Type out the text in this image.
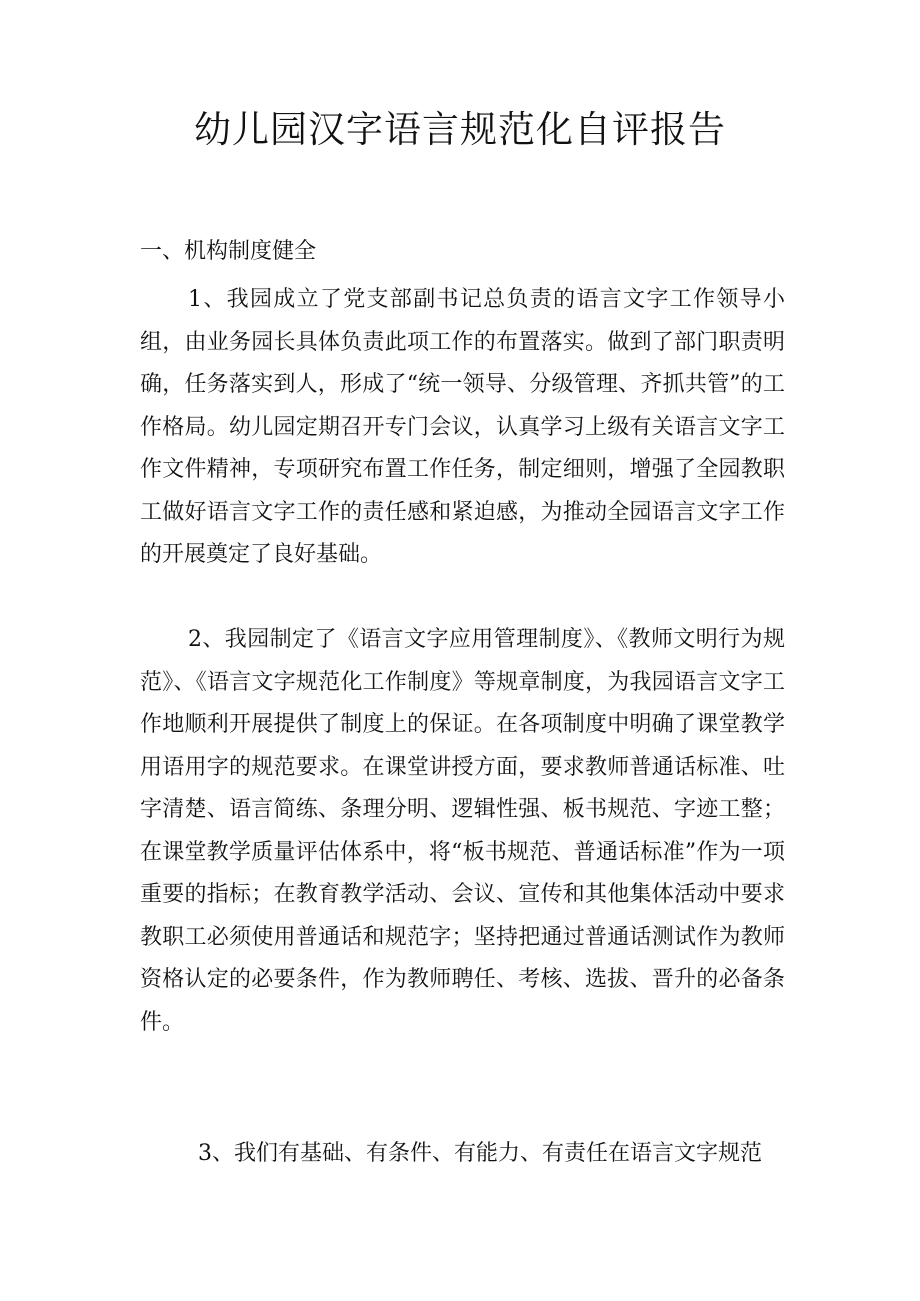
幼儿园汉字语言规范化自评报告
一、机构制度健全

1、我园成立了党支部副书记总负责的语言文字工作领导小组，由业务园长具体负责此项工作的布置落实。做到了部门职责明确，任务落实到人，形成了“统一领导、分级管理、齐抓共管”的工作格局。幼儿园定期召开专门会议，认真学习上级有关语言文字工作文件精神，专项研究布置工作任务，制定细则，增强了全园教职工做好语言文字工作的责任感和紧迫感，为推动全园语言文字工作的开展奠定了良好基础。

2、我园制定了《语言文字应用管理制度》、《教师文明行为规范》、《语言文字规范化工作制度》等规章制度，为我园语言文字工作地顺利开展提供了制度上的保证。在各项制度中明确了课堂教学用语用字的规范要求。在课堂讲授方面，要求教师普通话标准、吐字清楚、语言简练、条理分明、逻辑性强、板书规范、字迹工整；在课堂教学质量评估体系中，将“板书规范、普通话标准”作为一项重要的指标；在教育教学活动、会议、宣传和其他集体活动中要求教职工必须使用普通话和规范字；坚持把通过普通话测试作为教师资格认定的必要条件，作为教师聘任、考核、选拔、晋升的必备条件。

3、我们有基础、有条件、有能力、有责任在语言文字规范
